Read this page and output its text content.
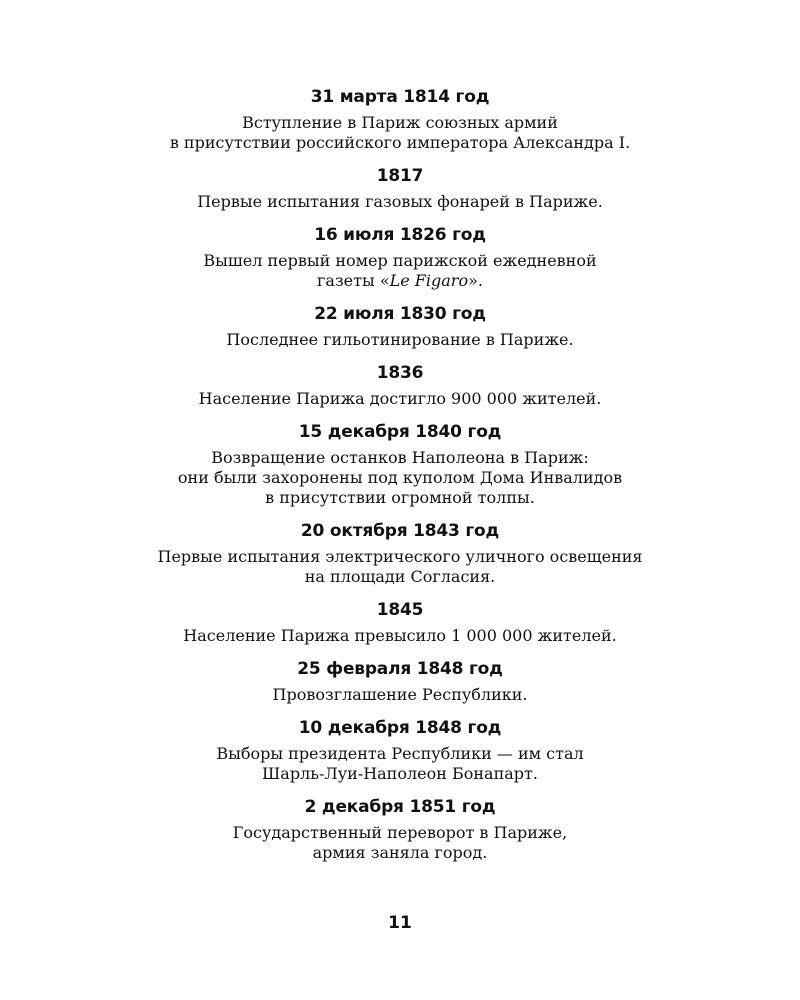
31 марта 1814 год
Вступление в Париж союзных армий
в присутствии российского императора Александра I.
1817
Первые испытания газовых фонарей в Париже.
16 июля 1826 год
Вышел первый номер парижской ежедневной
газеты «Le Figaro».
22 июля 1830 год
Последнее гильотинирование в Париже.
1836
Население Парижа достигло 900 000 жителей.
15 декабря 1840 год
Возвращение останков Наполеона в Париж:
они были захоронены под куполом Дома Инвалидов
в присутствии огромной толпы.
20 октября 1843 год
Первые испытания электрического уличного освещения
на площади Согласия.
1845
Население Парижа превысило 1 000 000 жителей.
25 февраля 1848 год
Провозглашение Республики.
10 декабря 1848 год
Выборы президента Республики — им стал
Шарль-Луи-Наполеон Бонапарт.
2 декабря 1851 год
Государственный переворот в Париже,
армия заняла город.
11
